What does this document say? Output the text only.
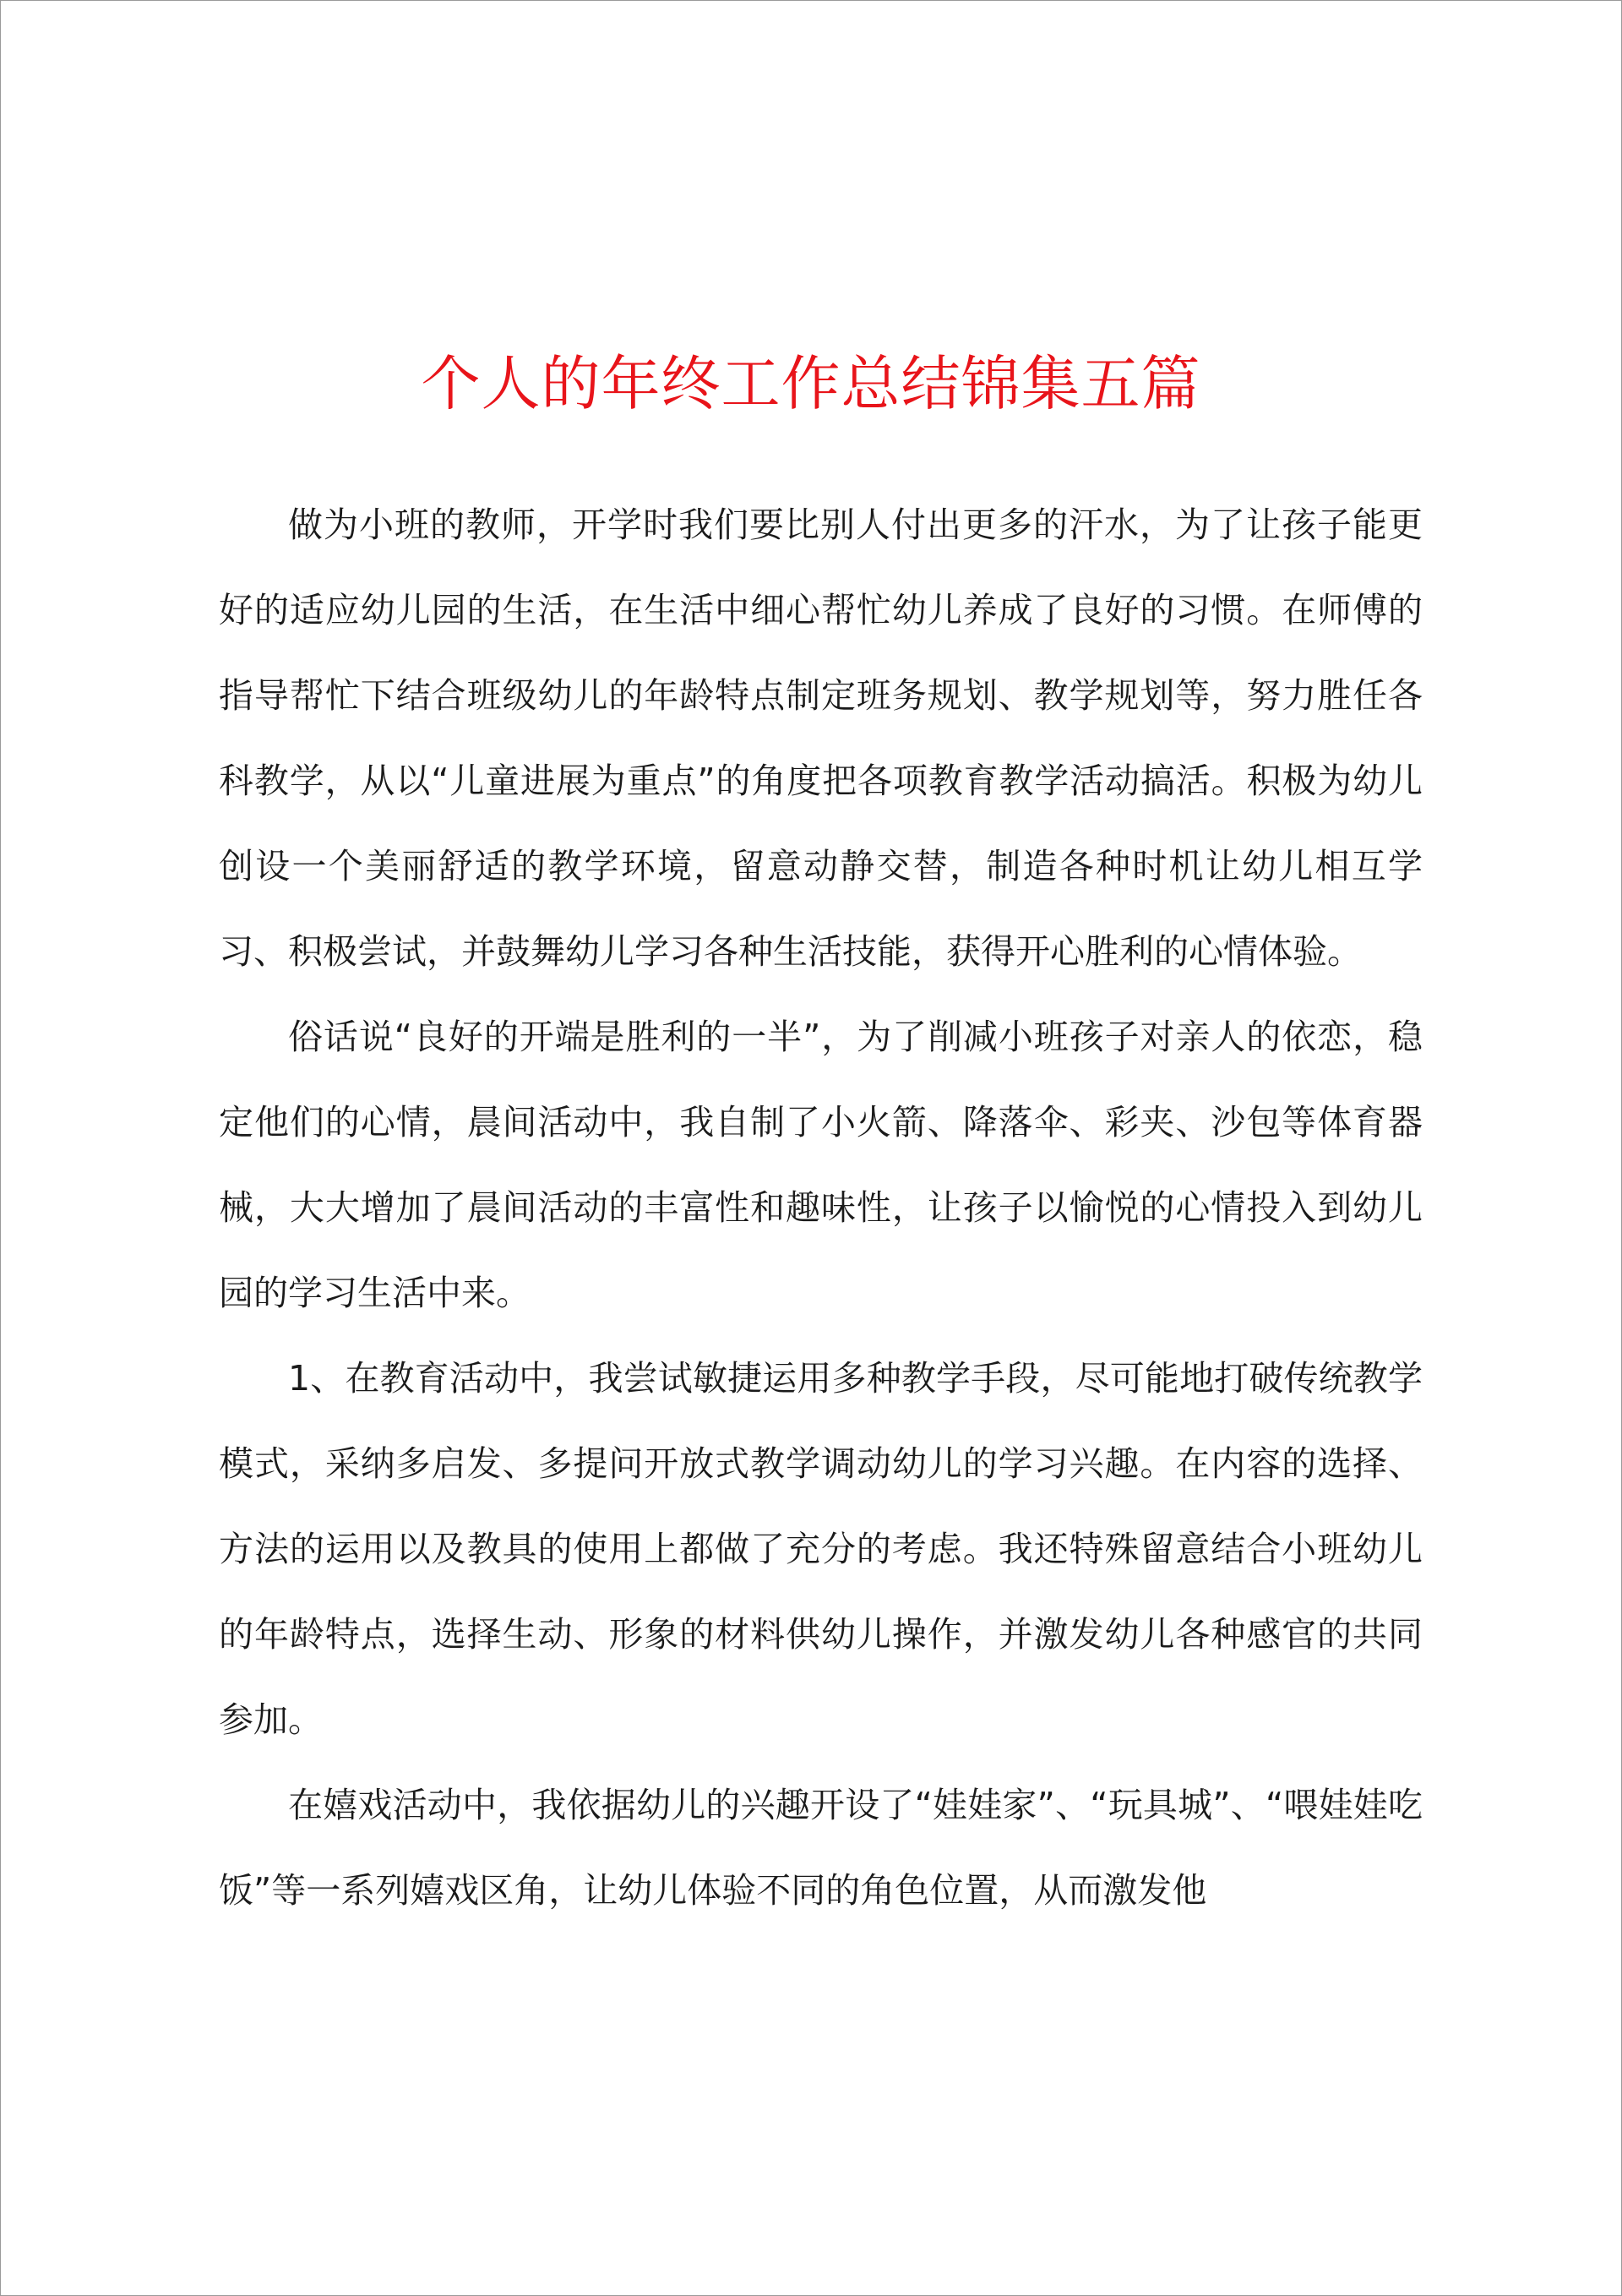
个人的年终工作总结锦集五篇

做为小班的教师，开学时我们要比别人付出更多的汗水，为了让孩子能更好的适应幼儿园的生活，在生活中细心帮忙幼儿养成了良好的习惯。在师傅的指导帮忙下结合班级幼儿的年龄特点制定班务规划、教学规划等，努力胜任各科教学，从以“儿童进展为重点”的角度把各项教育教学活动搞活。积极为幼儿创设一个美丽舒适的教学环境，留意动静交替，制造各种时机让幼儿相互学习、积极尝试，并鼓舞幼儿学习各种生活技能，获得开心胜利的心情体验。

俗话说“良好的开端是胜利的一半”，为了削减小班孩子对亲人的依恋，稳定他们的心情，晨间活动中，我自制了小火箭、降落伞、彩夹、沙包等体育器械，大大增加了晨间活动的丰富性和趣味性，让孩子以愉悦的心情投入到幼儿园的学习生活中来。

1、在教育活动中，我尝试敏捷运用多种教学手段，尽可能地打破传统教学模式，采纳多启发、多提问开放式教学调动幼儿的学习兴趣。在内容的选择、方法的运用以及教具的使用上都做了充分的考虑。我还特殊留意结合小班幼儿的年龄特点，选择生动、形象的材料供幼儿操作，并激发幼儿各种感官的共同参加。

在嬉戏活动中，我依据幼儿的兴趣开设了“娃娃家”、“玩具城”、“喂娃娃吃饭”等一系列嬉戏区角，让幼儿体验不同的角色位置，从而激发他
